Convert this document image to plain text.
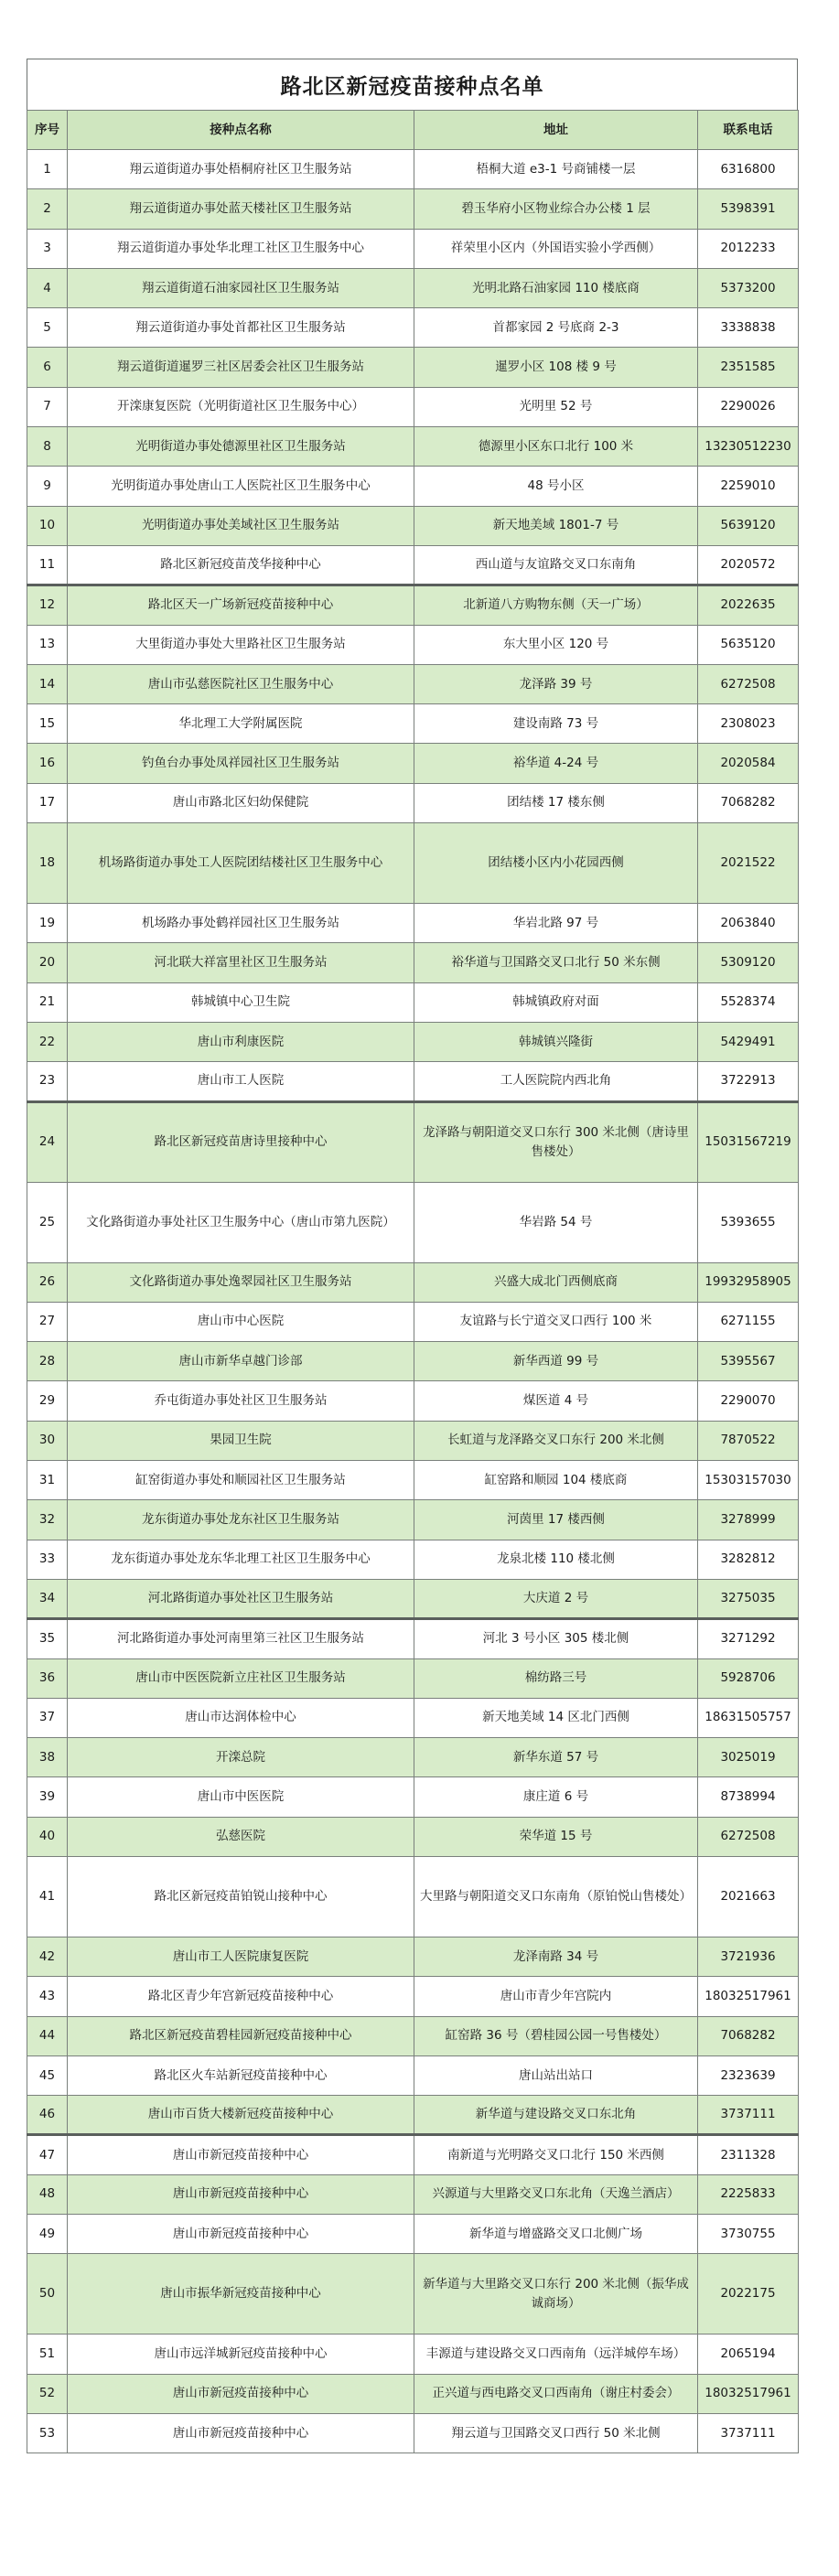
路北区新冠疫苗接种点名单
序号	接种点名称	地址	联系电话
1	翔云道街道办事处梧桐府社区卫生服务站	梧桐大道 e3-1 号商铺楼一层	6316800
2	翔云道街道办事处蓝天楼社区卫生服务站	碧玉华府小区物业综合办公楼 1 层	5398391
3	翔云道街道办事处华北理工社区卫生服务中心	祥荣里小区内（外国语实验小学西侧）	2012233
4	翔云道街道石油家园社区卫生服务站	光明北路石油家园 110 楼底商	5373200
5	翔云道街道办事处首都社区卫生服务站	首都家园 2 号底商 2-3	3338838
6	翔云道街道暹罗三社区居委会社区卫生服务站	暹罗小区 108 楼 9 号	2351585
7	开滦康复医院（光明街道社区卫生服务中心）	光明里 52 号	2290026
8	光明街道办事处德源里社区卫生服务站	德源里小区东口北行 100 米	13230512230
9	光明街道办事处唐山工人医院社区卫生服务中心	48 号小区	2259010
10	光明街道办事处美域社区卫生服务站	新天地美域 1801-7 号	5639120
11	路北区新冠疫苗茂华接种中心	西山道与友谊路交叉口东南角	2020572
12	路北区天一广场新冠疫苗接种中心	北新道八方购物东侧（天一广场）	2022635
13	大里街道办事处大里路社区卫生服务站	东大里小区 120 号	5635120
14	唐山市弘慈医院社区卫生服务中心	龙泽路 39 号	6272508
15	华北理工大学附属医院	建设南路 73 号	2308023
16	钓鱼台办事处凤祥园社区卫生服务站	裕华道 4-24 号	2020584
17	唐山市路北区妇幼保健院	团结楼 17 楼东侧	7068282
18	机场路街道办事处工人医院团结楼社区卫生服务中心	团结楼小区内小花园西侧	2021522
19	机场路办事处鹤祥园社区卫生服务站	华岩北路 97 号	2063840
20	河北联大祥富里社区卫生服务站	裕华道与卫国路交叉口北行 50 米东侧	5309120
21	韩城镇中心卫生院	韩城镇政府对面	5528374
22	唐山市利康医院	韩城镇兴隆街	5429491
23	唐山市工人医院	工人医院院内西北角	3722913
24	路北区新冠疫苗唐诗里接种中心	龙泽路与朝阳道交叉口东行 300 米北侧（唐诗里售楼处）	15031567219
25	文化路街道办事处社区卫生服务中心（唐山市第九医院）	华岩路 54 号	5393655
26	文化路街道办事处逸翠园社区卫生服务站	兴盛大成北门西侧底商	19932958905
27	唐山市中心医院	友谊路与长宁道交叉口西行 100 米	6271155
28	唐山市新华卓越门诊部	新华西道 99 号	5395567
29	乔屯街道办事处社区卫生服务站	煤医道 4 号	2290070
30	果园卫生院	长虹道与龙泽路交叉口东行 200 米北侧	7870522
31	缸窑街道办事处和顺园社区卫生服务站	缸窑路和顺园 104 楼底商	15303157030
32	龙东街道办事处龙东社区卫生服务站	河茵里 17 楼西侧	3278999
33	龙东街道办事处龙东华北理工社区卫生服务中心	龙泉北楼 110 楼北侧	3282812
34	河北路街道办事处社区卫生服务站	大庆道 2 号	3275035
35	河北路街道办事处河南里第三社区卫生服务站	河北 3 号小区 305 楼北侧	3271292
36	唐山市中医医院新立庄社区卫生服务站	棉纺路三号	5928706
37	唐山市达润体检中心	新天地美域 14 区北门西侧	18631505757
38	开滦总院	新华东道 57 号	3025019
39	唐山市中医医院	康庄道 6 号	8738994
40	弘慈医院	荣华道 15 号	6272508
41	路北区新冠疫苗铂锐山接种中心	大里路与朝阳道交叉口东南角（原铂悦山售楼处）	2021663
42	唐山市工人医院康复医院	龙泽南路 34 号	3721936
43	路北区青少年宫新冠疫苗接种中心	唐山市青少年宫院内	18032517961
44	路北区新冠疫苗碧桂园新冠疫苗接种中心	缸窑路 36 号（碧桂园公园一号售楼处）	7068282
45	路北区火车站新冠疫苗接种中心	唐山站出站口	2323639
46	唐山市百货大楼新冠疫苗接种中心	新华道与建设路交叉口东北角	3737111
47	唐山市新冠疫苗接种中心	南新道与光明路交叉口北行 150 米西侧	2311328
48	唐山市新冠疫苗接种中心	兴源道与大里路交叉口东北角（天逸兰酒店）	2225833
49	唐山市新冠疫苗接种中心	新华道与增盛路交叉口北侧广场	3730755
50	唐山市振华新冠疫苗接种中心	新华道与大里路交叉口东行 200 米北侧（振华成诚商场）	2022175
51	唐山市远洋城新冠疫苗接种中心	丰源道与建设路交叉口西南角（远洋城停车场）	2065194
52	唐山市新冠疫苗接种中心	正兴道与西电路交叉口西南角（谢庄村委会）	18032517961
53	唐山市新冠疫苗接种中心	翔云道与卫国路交叉口西行 50 米北侧	3737111
